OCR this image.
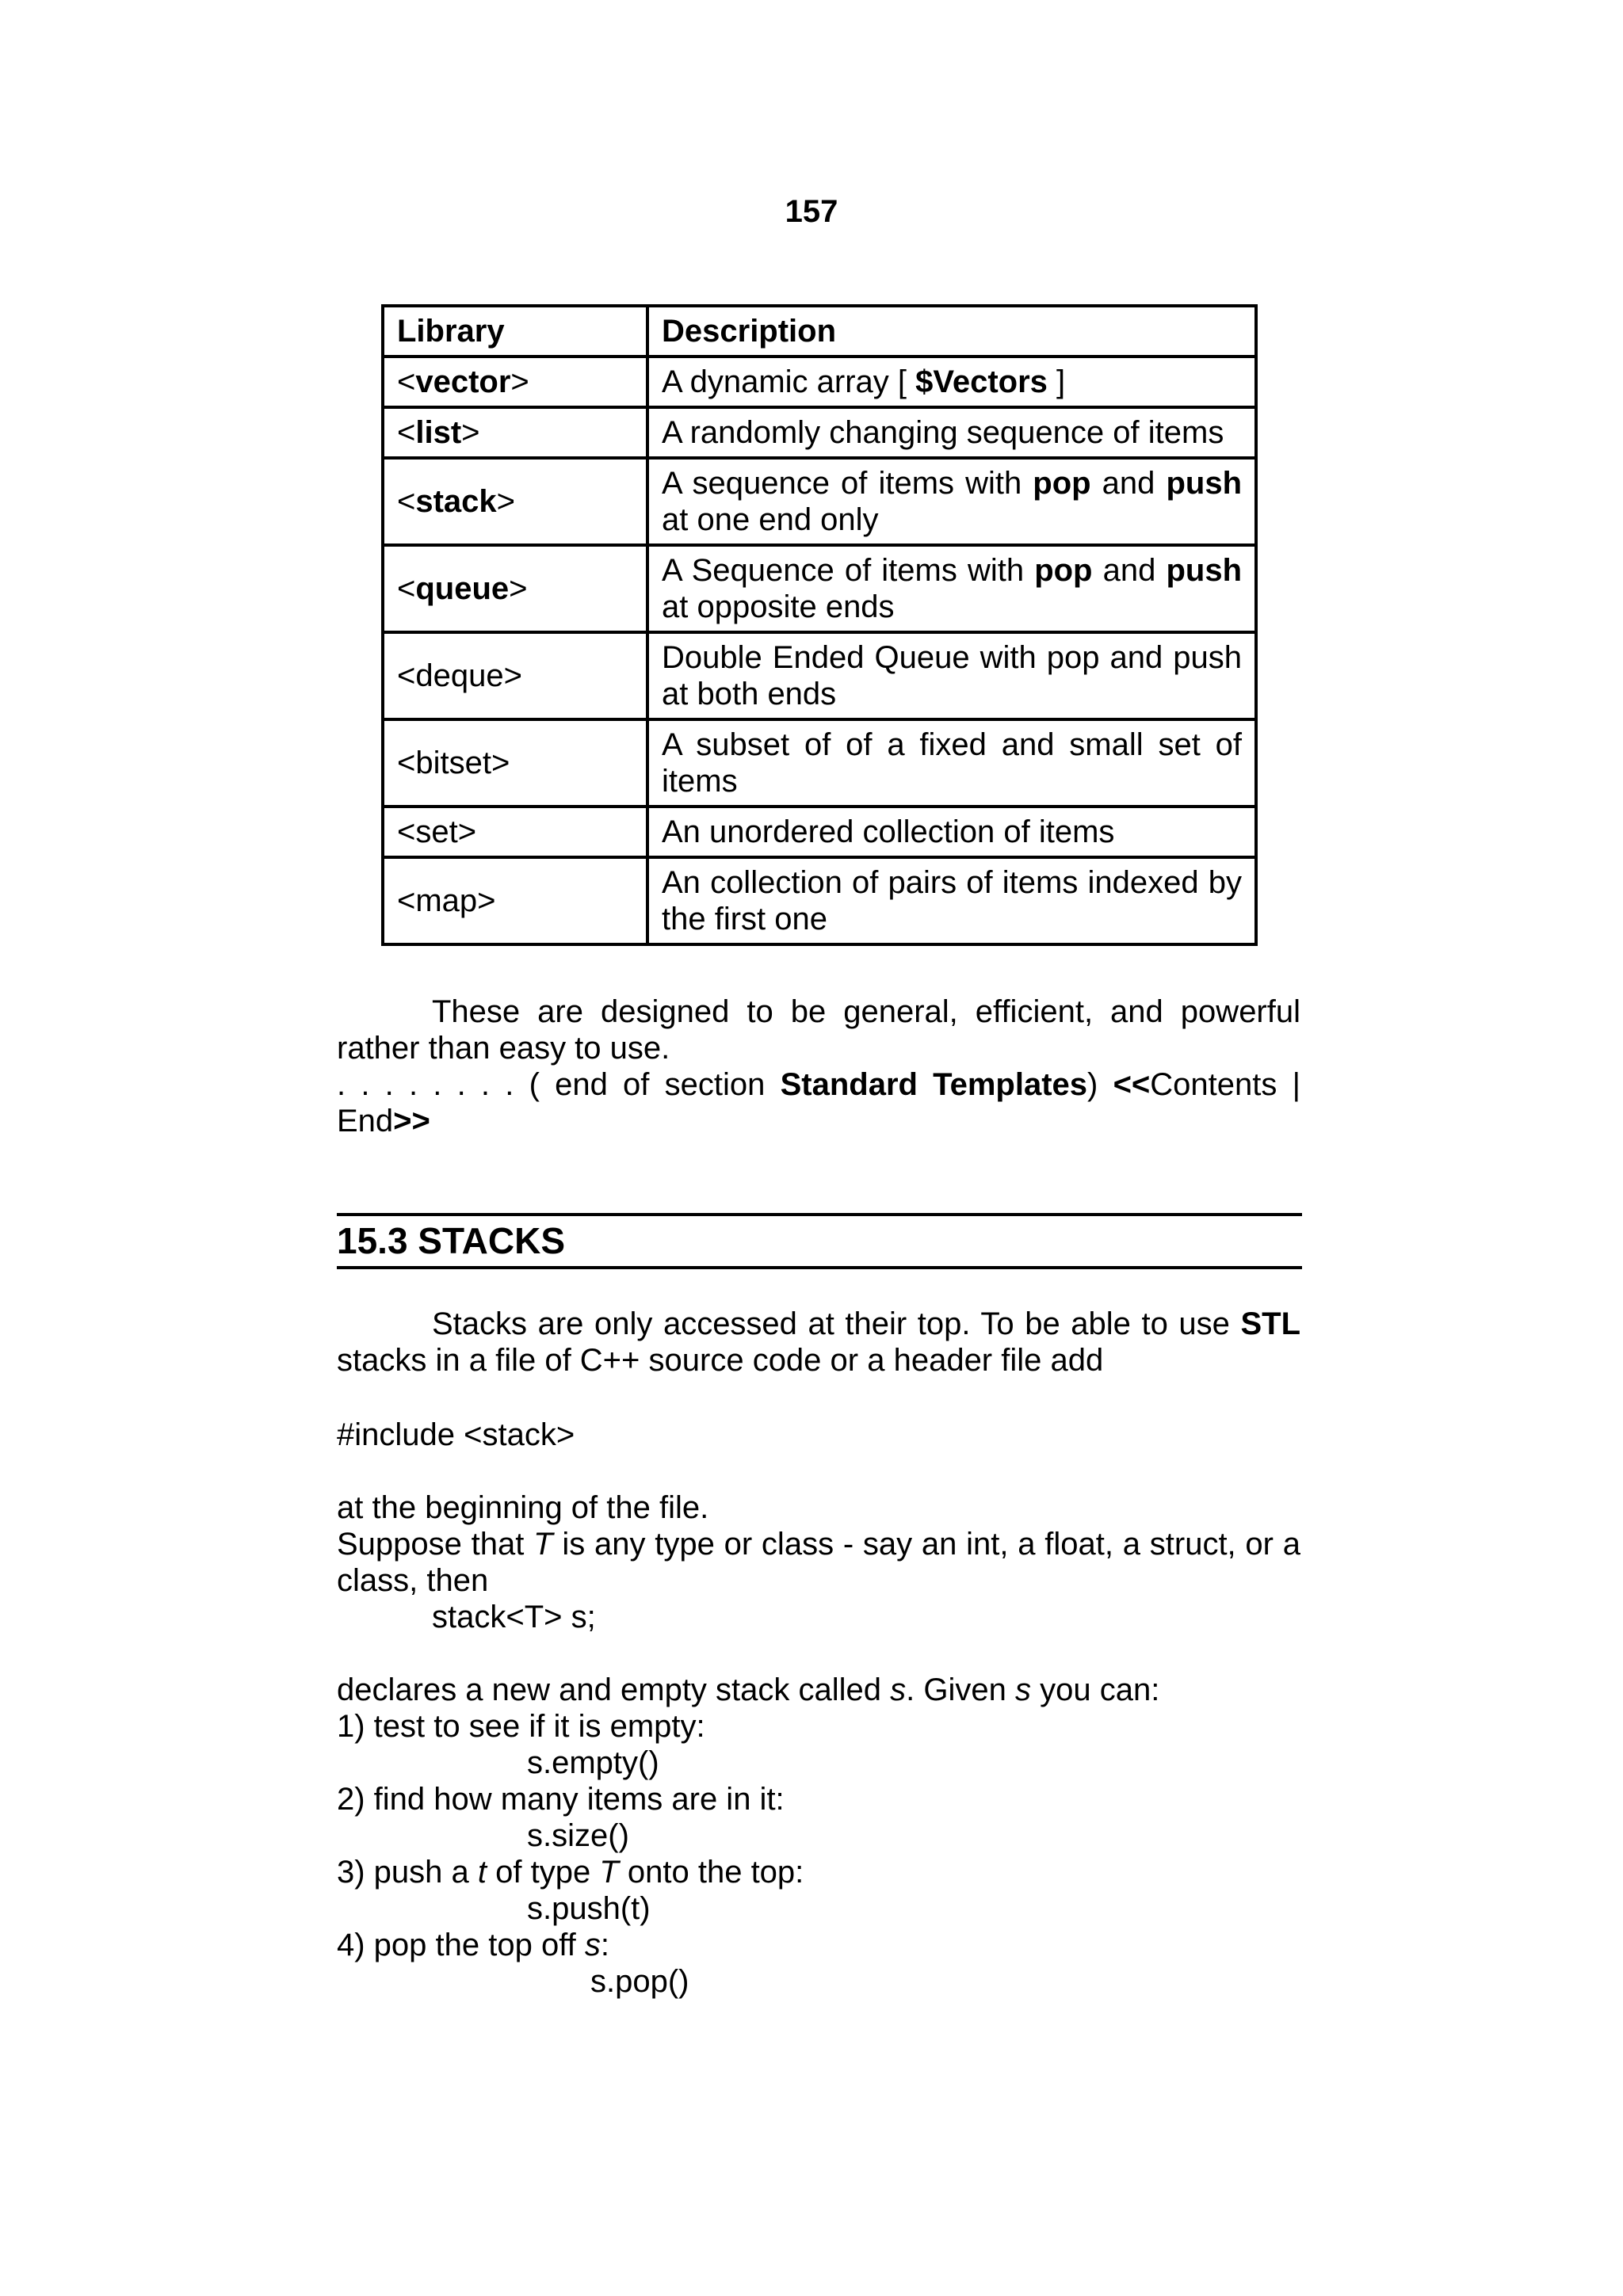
157
Library	Description
<vector>	A dynamic array [ $Vectors ]
<list>	A randomly changing sequence of items
<stack>	A sequence of items with pop and push at one end only
<queue>	A Sequence of items with pop and push at opposite ends
<deque>	Double Ended Queue with pop and push at both ends
<bitset>	A subset of of a fixed and small set of items
<set>	An unordered collection of items
<map>	An collection of pairs of items indexed by the first one
These are designed to be general, efficient, and powerful rather than easy to use.
. . . . . . . . ( end of section Standard Templates) <<Contents | End>>
15.3 STACKS
Stacks are only accessed at their top. To be able to use STL stacks in a file of C++ source code or a header file add
#include <stack>
at the beginning of the file.
Suppose that T is any type or class - say an int, a float, a struct, or a class, then
stack<T> s;
declares a new and empty stack called s. Given s you can:
1) test to see if it is empty:
s.empty()
2) find how many items are in it:
s.size()
3) push a t of type T onto the top:
s.push(t)
4) pop the top off s:
s.pop()
